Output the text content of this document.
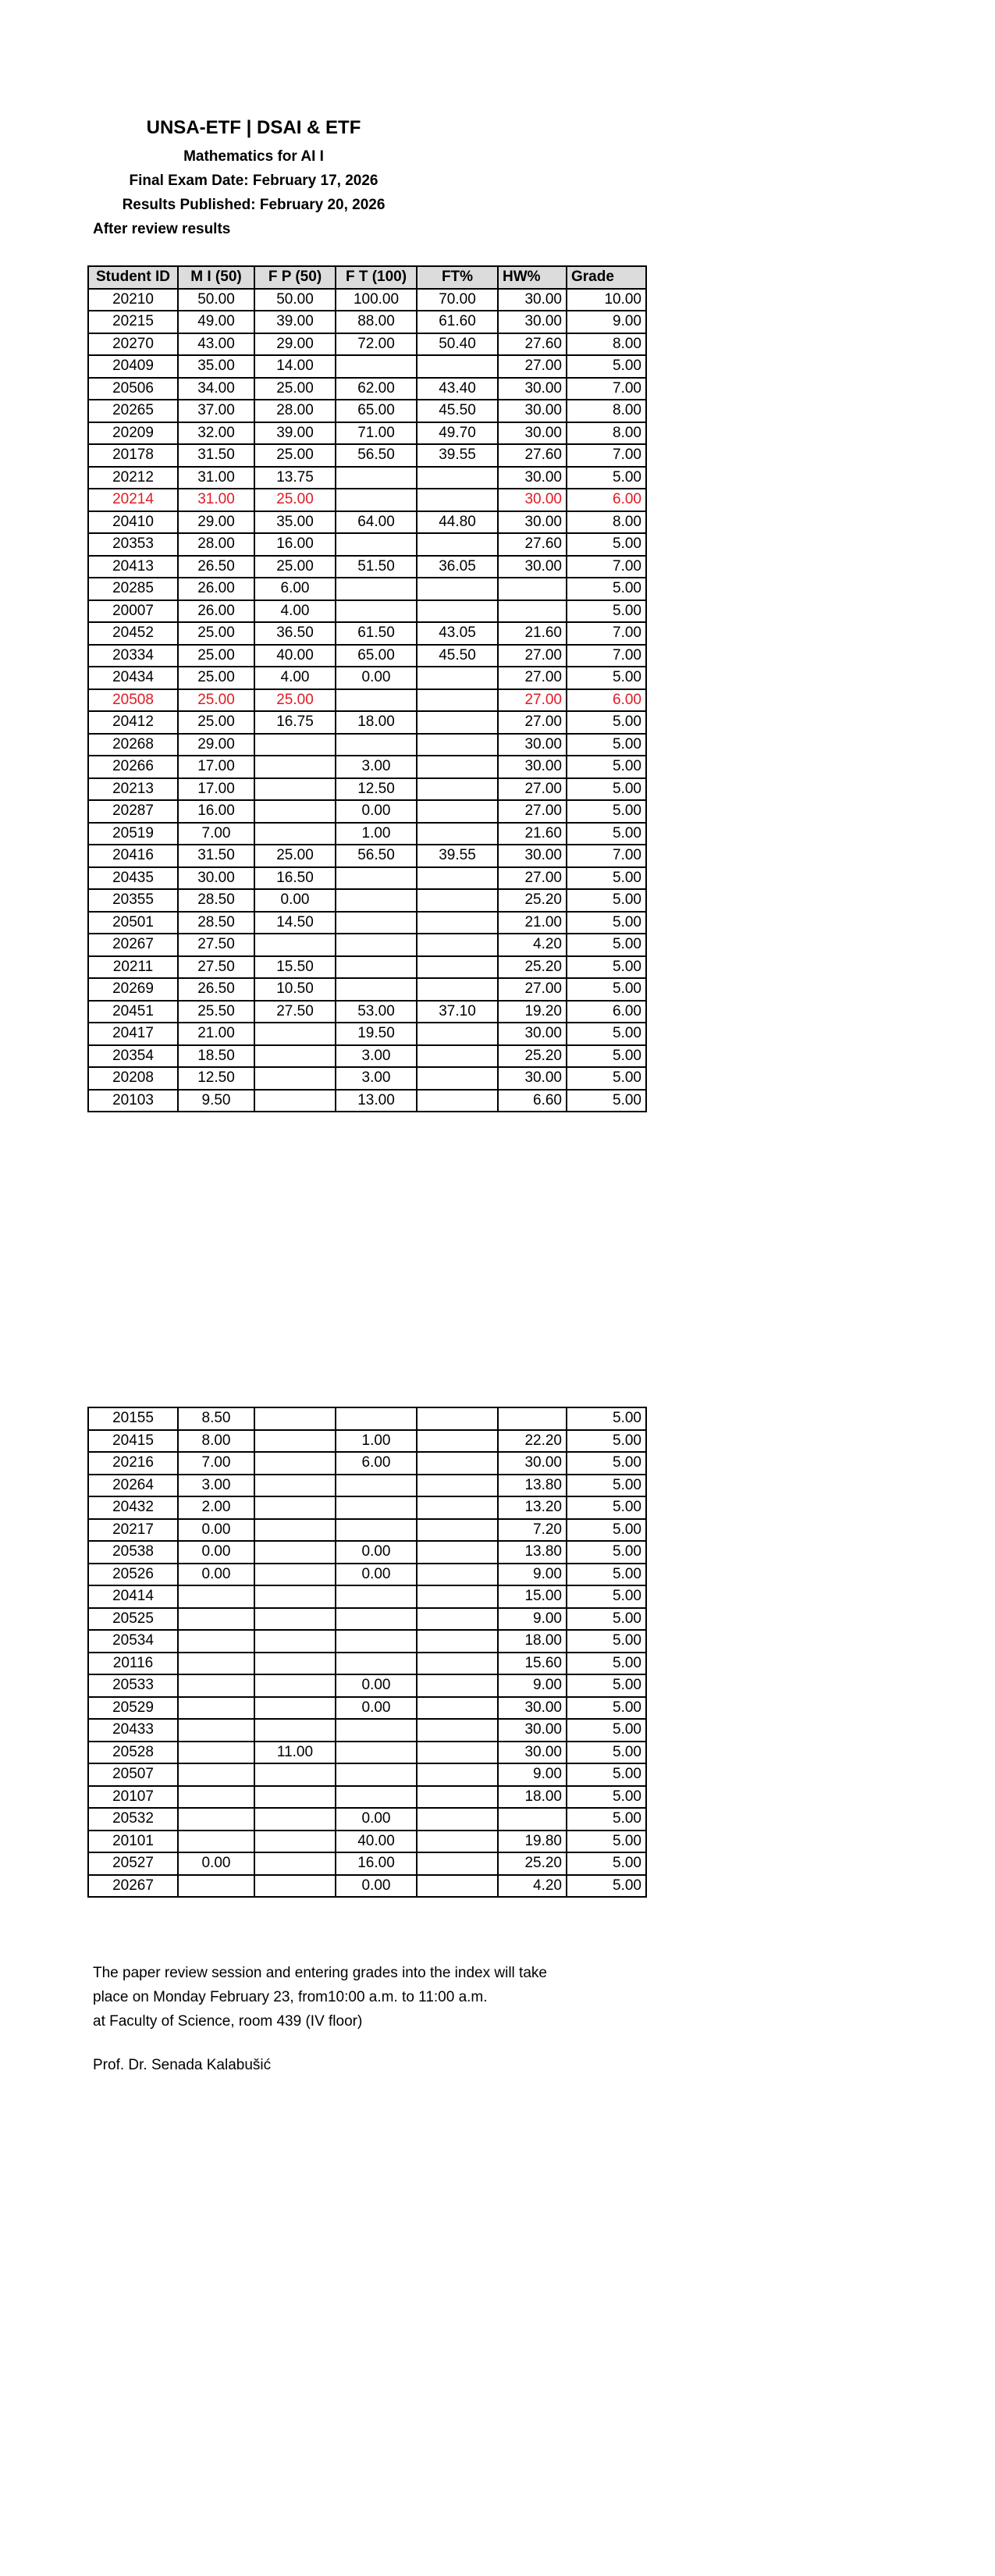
UNSA-ETF | DSAI & ETF
Mathematics for AI I
Final Exam Date: February 17, 2026
Results Published: February 20, 2026
After review results
Student ID	M I (50)	F P (50)	F T (100)	FT%	HW%	Grade
20210	50.00	50.00	100.00	70.00	30.00	10.00
20215	49.00	39.00	88.00	61.60	30.00	9.00
20270	43.00	29.00	72.00	50.40	27.60	8.00
20409	35.00	14.00			27.00	5.00
20506	34.00	25.00	62.00	43.40	30.00	7.00
20265	37.00	28.00	65.00	45.50	30.00	8.00
20209	32.00	39.00	71.00	49.70	30.00	8.00
20178	31.50	25.00	56.50	39.55	27.60	7.00
20212	31.00	13.75			30.00	5.00
20214	31.00	25.00			30.00	6.00
20410	29.00	35.00	64.00	44.80	30.00	8.00
20353	28.00	16.00			27.60	5.00
20413	26.50	25.00	51.50	36.05	30.00	7.00
20285	26.00	6.00				5.00
20007	26.00	4.00				5.00
20452	25.00	36.50	61.50	43.05	21.60	7.00
20334	25.00	40.00	65.00	45.50	27.00	7.00
20434	25.00	4.00	0.00		27.00	5.00
20508	25.00	25.00			27.00	6.00
20412	25.00	16.75	18.00		27.00	5.00
20268	29.00				30.00	5.00
20266	17.00		3.00		30.00	5.00
20213	17.00		12.50		27.00	5.00
20287	16.00		0.00		27.00	5.00
20519	7.00		1.00		21.60	5.00
20416	31.50	25.00	56.50	39.55	30.00	7.00
20435	30.00	16.50			27.00	5.00
20355	28.50	0.00			25.20	5.00
20501	28.50	14.50			21.00	5.00
20267	27.50				4.20	5.00
20211	27.50	15.50			25.20	5.00
20269	26.50	10.50			27.00	5.00
20451	25.50	27.50	53.00	37.10	19.20	6.00
20417	21.00		19.50		30.00	5.00
20354	18.50		3.00		25.20	5.00
20208	12.50		3.00		30.00	5.00
20103	9.50		13.00		6.60	5.00
20155	8.50					5.00
20415	8.00		1.00		22.20	5.00
20216	7.00		6.00		30.00	5.00
20264	3.00				13.80	5.00
20432	2.00				13.20	5.00
20217	0.00				7.20	5.00
20538	0.00		0.00		13.80	5.00
20526	0.00		0.00		9.00	5.00
20414					15.00	5.00
20525					9.00	5.00
20534					18.00	5.00
20116					15.60	5.00
20533			0.00		9.00	5.00
20529			0.00		30.00	5.00
20433					30.00	5.00
20528		11.00			30.00	5.00
20507					9.00	5.00
20107					18.00	5.00
20532			0.00			5.00
20101			40.00		19.80	5.00
20527	0.00		16.00		25.20	5.00
20267			0.00		4.20	5.00
The paper review session and entering grades into the index will take
place on Monday February 23, from10:00 a.m. to 11:00 a.m.
at Faculty of Science, room 439 (IV floor)
Prof. Dr. Senada Kalabušić
